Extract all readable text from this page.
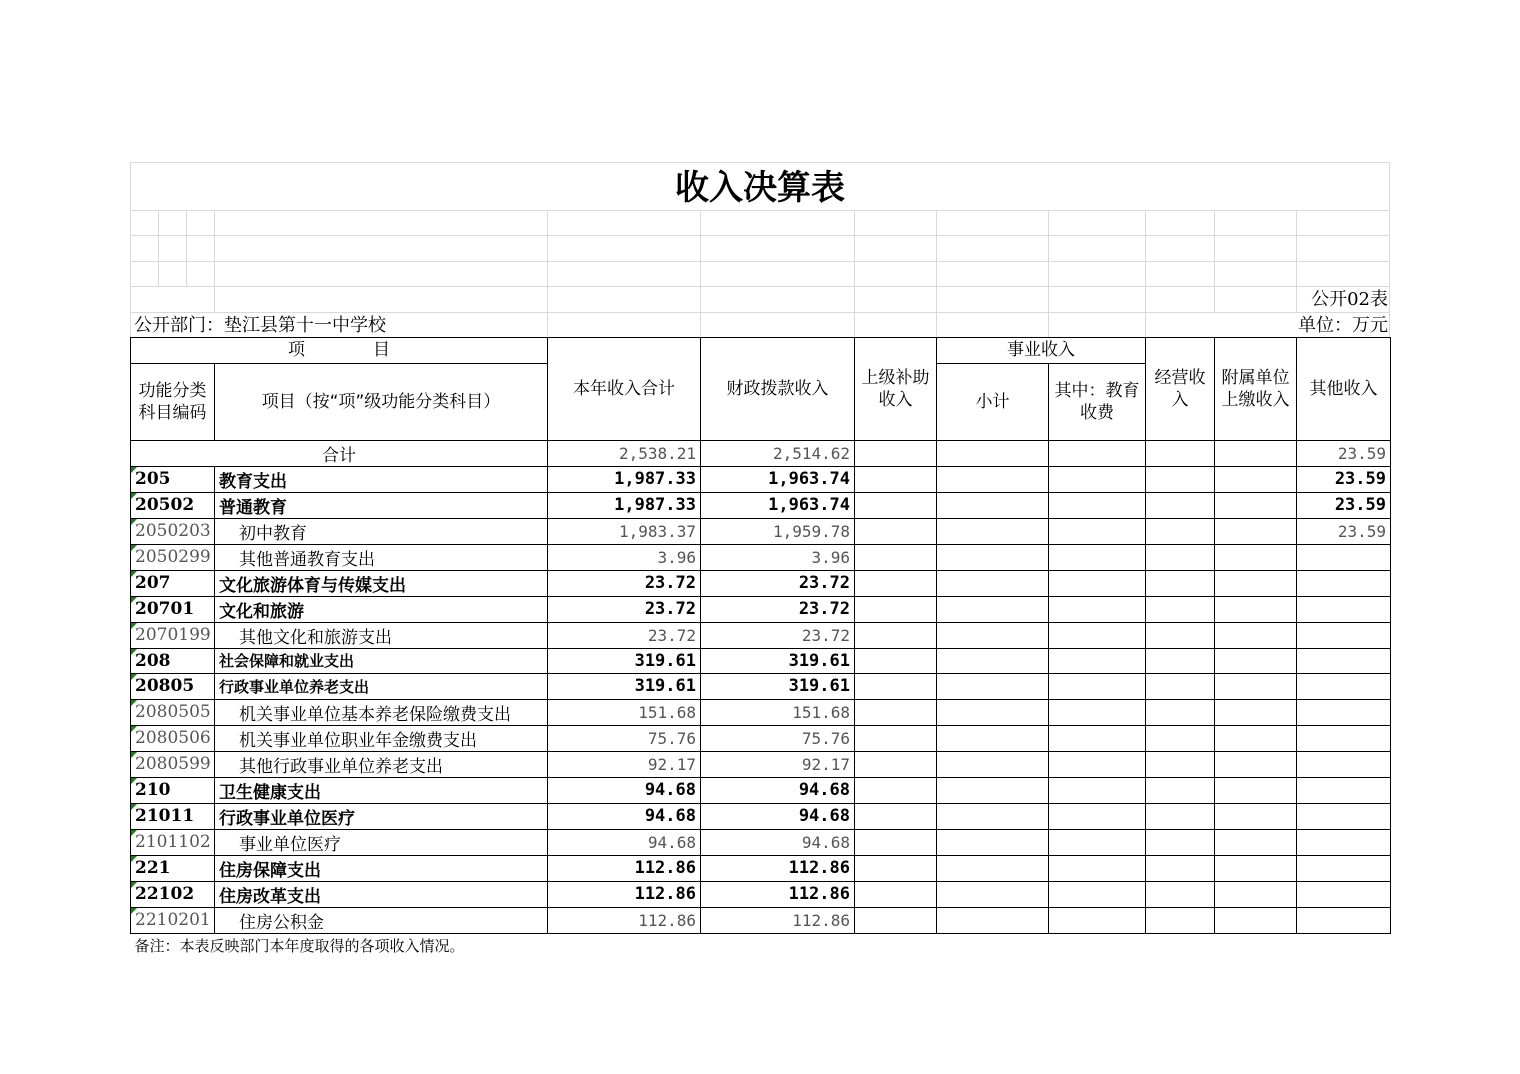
收入决算表
公开02表
公开部门：垫江县第十一中学校	单位：万元
项　　　　目		本年收入合计	财政拨款收入	上级补助收入	事业收入		经营收入	附属单位上缴收入	其他收入
功能分类科目编码	项目（按“项”级功能分类科目）				小计	其中：教育收费			
合计		2,538.21	2,514.62						23.59
205	教育支出	1,987.33	1,963.74						23.59
20502	普通教育	1,987.33	1,963.74						23.59
2050203	初中教育	1,983.37	1,959.78						23.59
2050299	其他普通教育支出	3.96	3.96						
207	文化旅游体育与传媒支出	23.72	23.72						
20701	文化和旅游	23.72	23.72						
2070199	其他文化和旅游支出	23.72	23.72						
208	社会保障和就业支出	319.61	319.61						
20805	行政事业单位养老支出	319.61	319.61						
2080505	机关事业单位基本养老保险缴费支出	151.68	151.68						
2080506	机关事业单位职业年金缴费支出	75.76	75.76						
2080599	其他行政事业单位养老支出	92.17	92.17						
210	卫生健康支出	94.68	94.68						
21011	行政事业单位医疗	94.68	94.68						
2101102	事业单位医疗	94.68	94.68						
221	住房保障支出	112.86	112.86						
22102	住房改革支出	112.86	112.86						
2210201	住房公积金	112.86	112.86						
备注：本表反映部门本年度取得的各项收入情况。									
